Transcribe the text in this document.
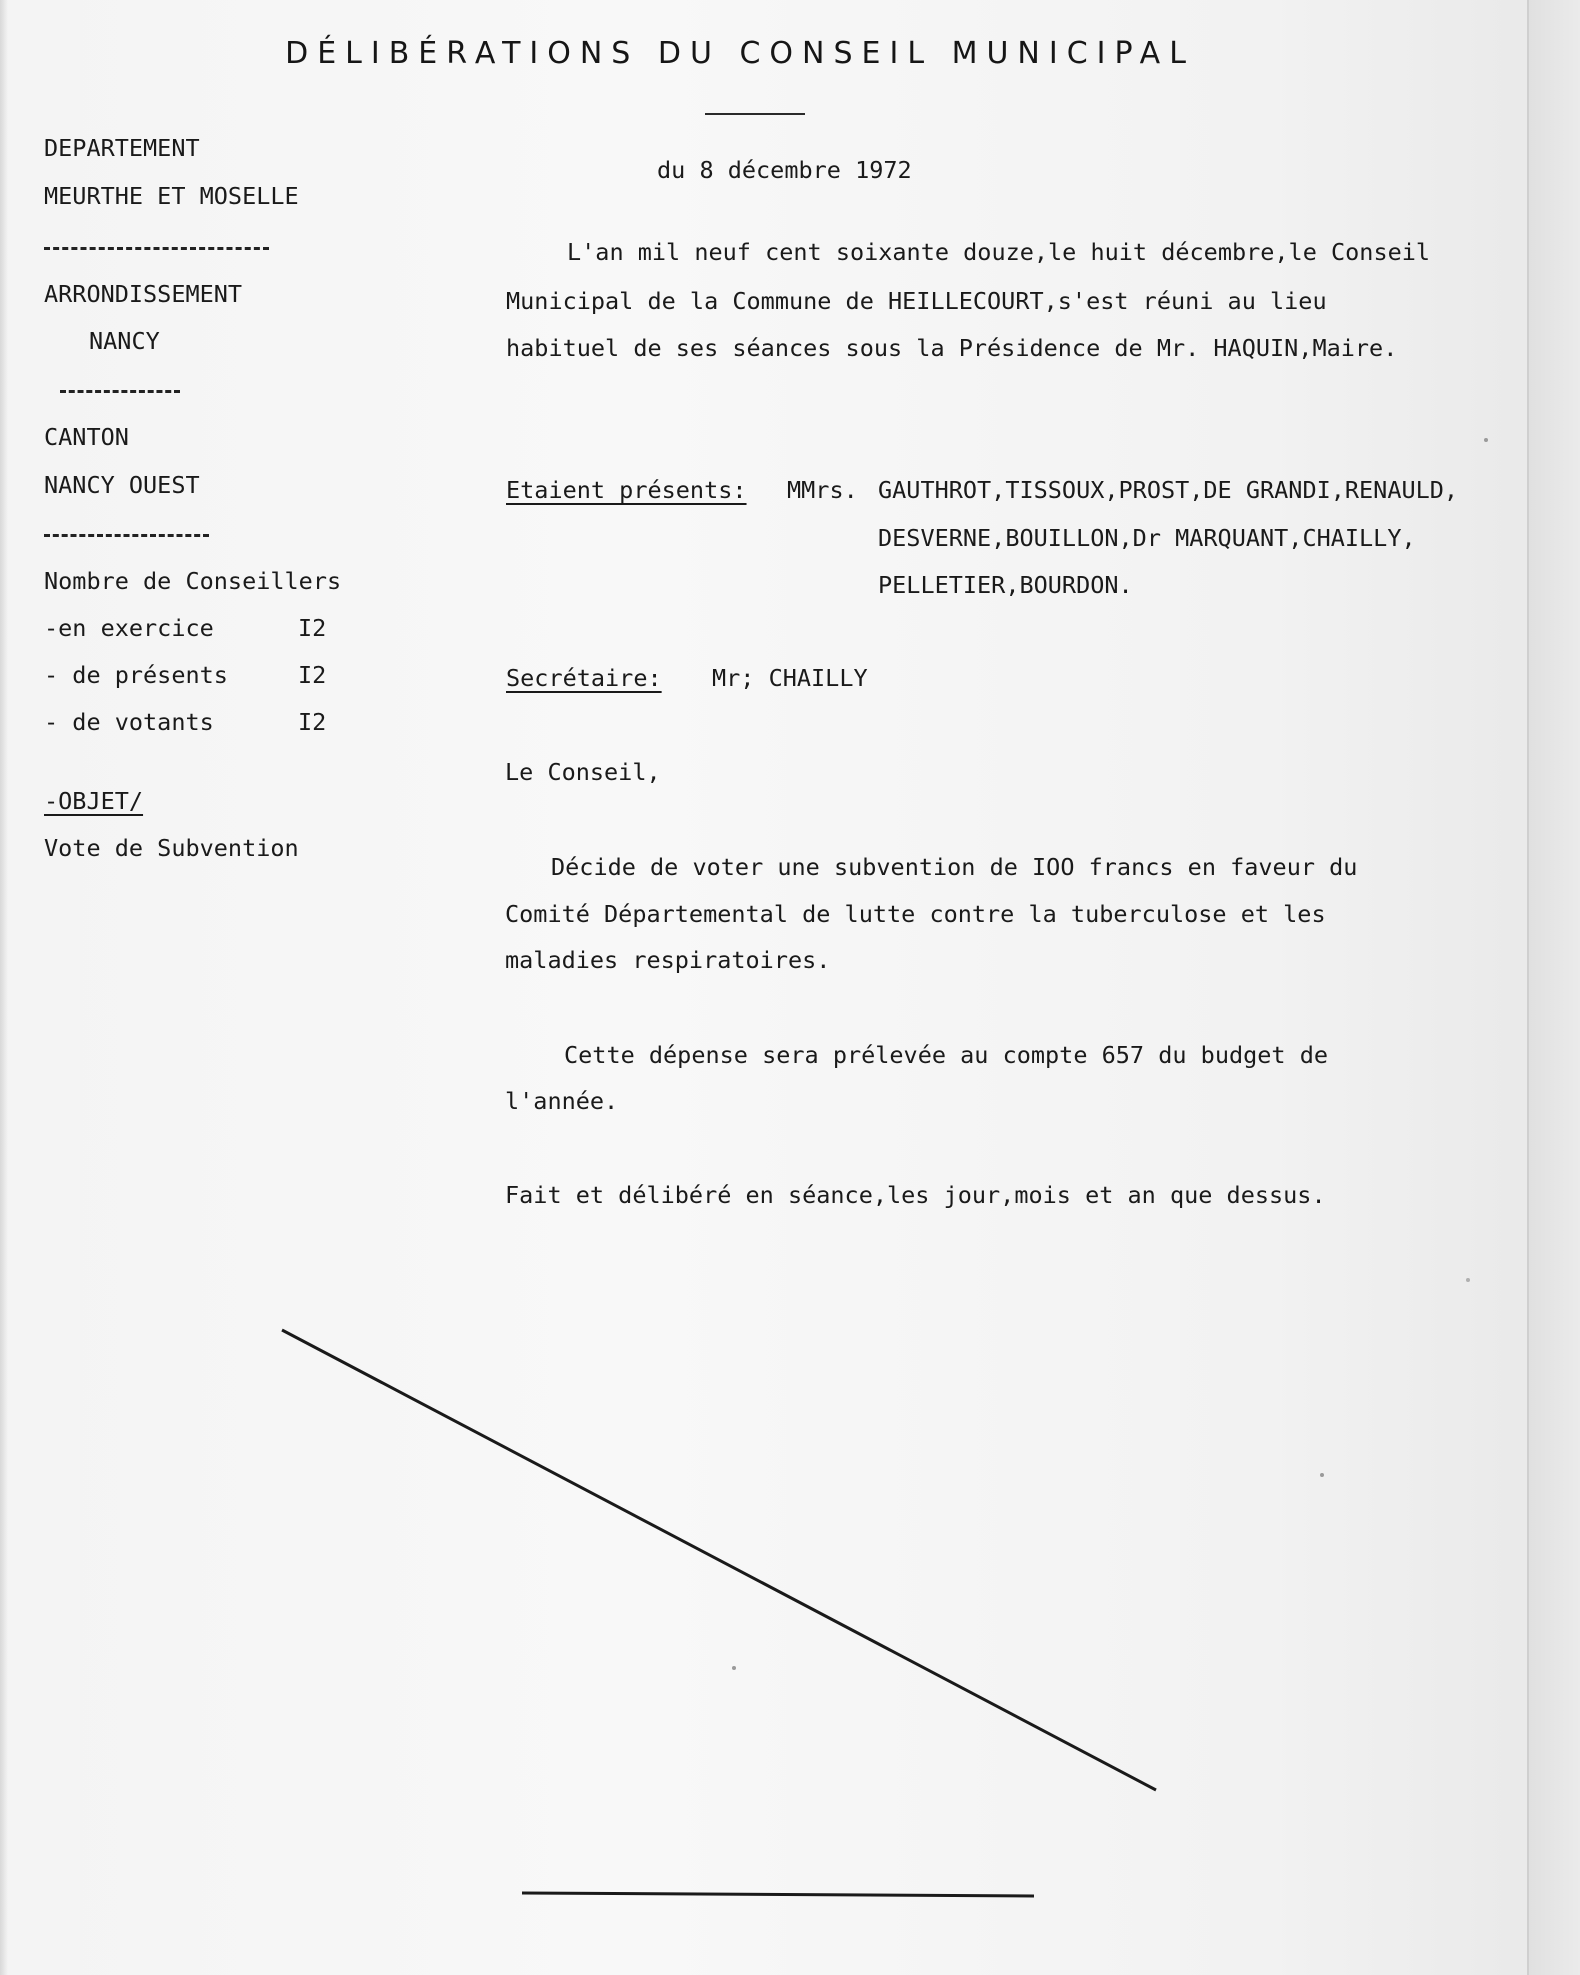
DÉLIBÉRATIONS DU CONSEIL MUNICIPAL
DEPARTEMENT
MEURTHE ET MOSELLE
ARRONDISSEMENT
NANCY
CANTON
NANCY OUEST
Nombre de Conseillers
-en exercice	I2
- de présents	I2
- de votants	I2
-OBJET/
Vote de Subvention
du 8 décembre 1972
L'an mil neuf cent soixante douze,le huit décembre,le Conseil
Municipal de la Commune de HEILLECOURT,s'est réuni au lieu
habituel de ses séances sous la Présidence de Mr. HAQUIN,Maire.
Etaient présents: MMrs. GAUTHROT,TISSOUX,PROST,DE GRANDI,RENAULD,
DESVERNE,BOUILLON,Dr MARQUANT,CHAILLY,
PELLETIER,BOURDON.
Secrétaire: Mr; CHAILLY
Le Conseil,
Décide de voter une subvention de IOO francs en faveur du
Comité Départemental de lutte contre la tuberculose et les
maladies respiratoires.
Cette dépense sera prélevée au compte 657 du budget de
l'année.
Fait et délibéré en séance,les jour,mois et an que dessus.
